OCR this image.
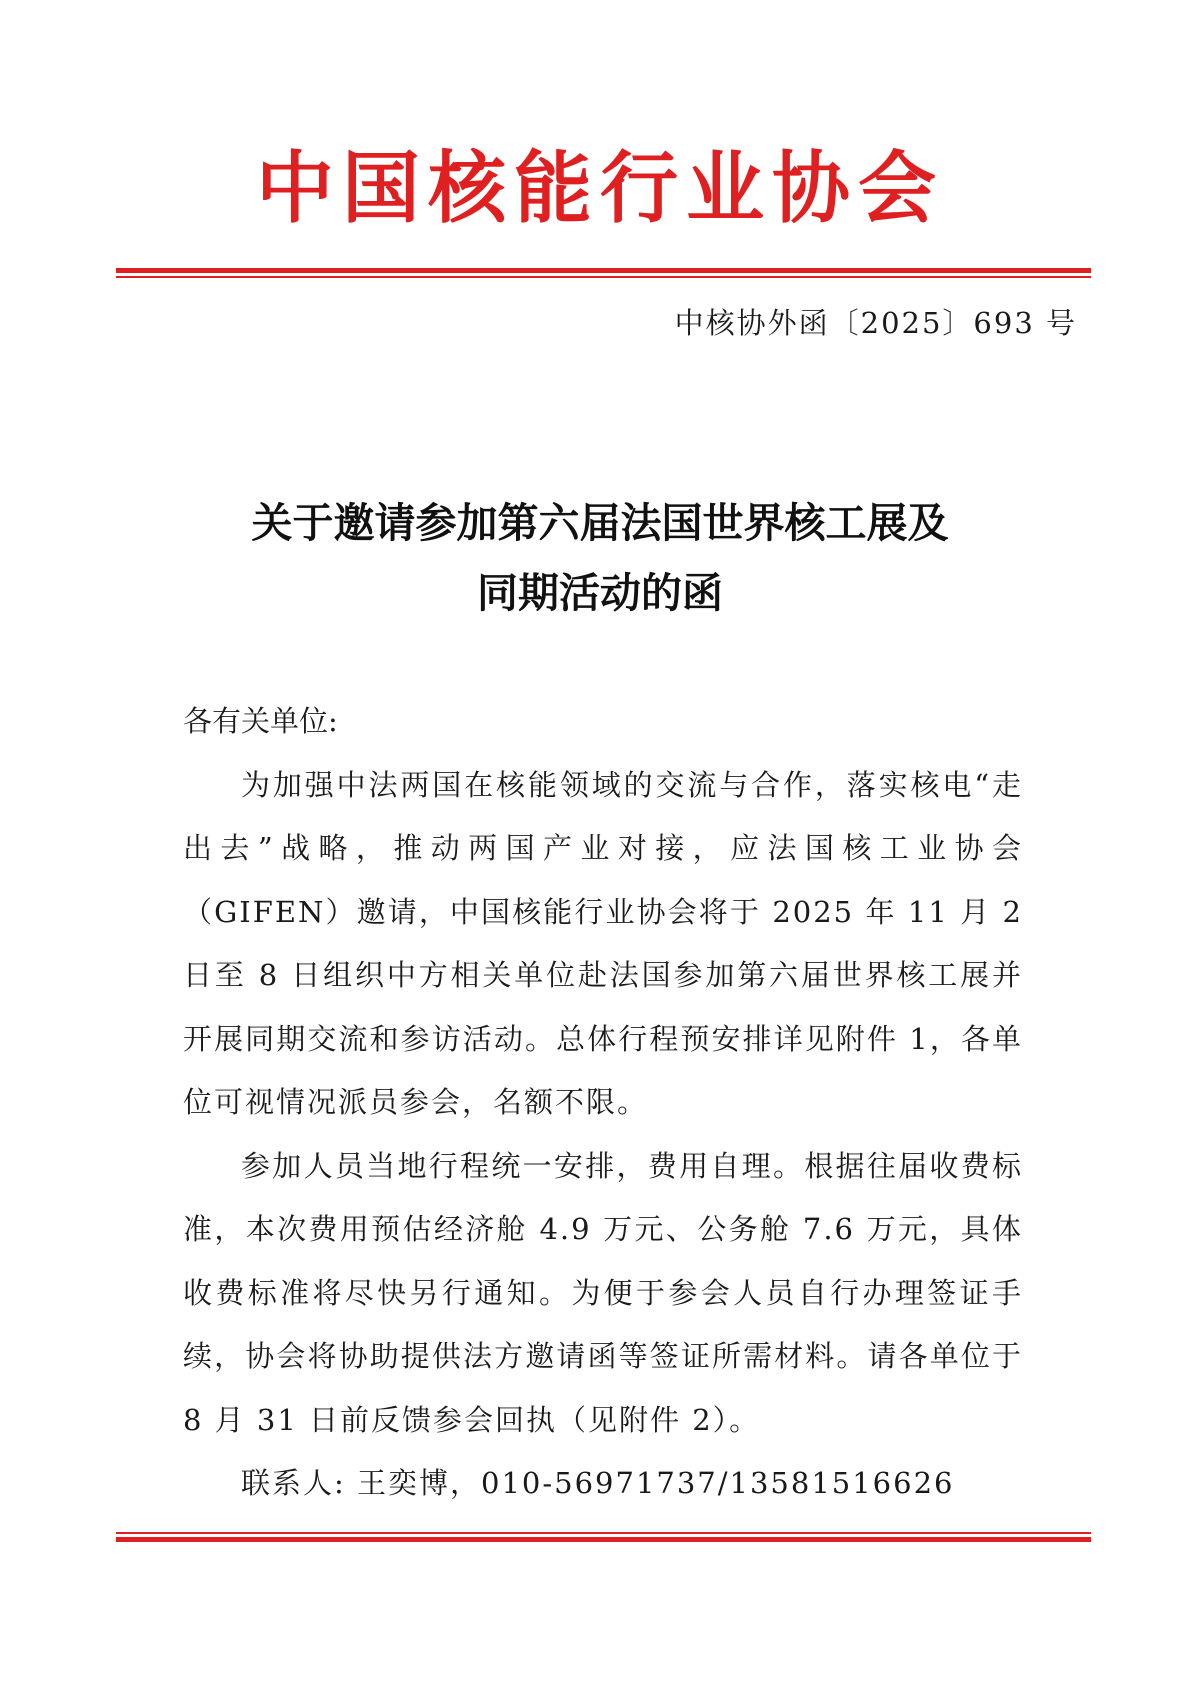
中国核能行业协会
中核协外函〔2025〕693 号
关于邀请参加第六届法国世界核工展及
同期活动的函

各有关单位:

为加强中法两国在核能领域的交流与合作，落实核电“走出去”战略，推动两国产业对接，应法国核工业协会（GIFEN）邀请，中国核能行业协会将于 2025 年 11 月 2 日至 8 日组织中方相关单位赴法国参加第六届世界核工展并开展同期交流和参访活动。总体行程预安排详见附件 1，各单位可视情况派员参会，名额不限。

参加人员当地行程统一安排，费用自理。根据往届收费标准，本次费用预估经济舱 4.9 万元、公务舱 7.6 万元，具体收费标准将尽快另行通知。为便于参会人员自行办理签证手续，协会将协助提供法方邀请函等签证所需材料。请各单位于 8 月 31 日前反馈参会回执（见附件 2）。

联系人: 王奕博，010-56971737/13581516626
